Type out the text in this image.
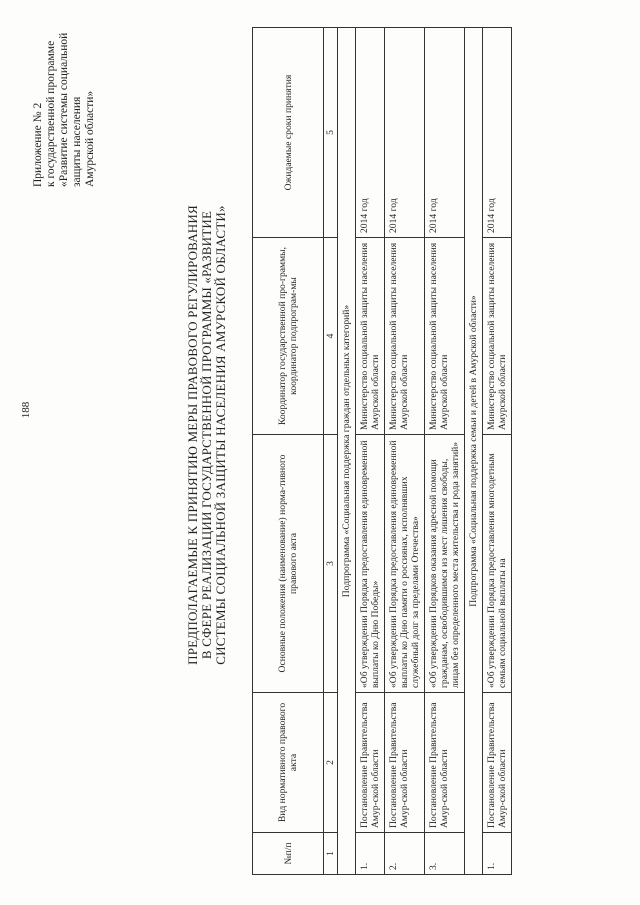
188
Приложение № 2 к государственной программе «Развитие системы социальной защиты населения Амурской области»
ПРЕДПОЛАГАЕМЫЕ К ПРИНЯТИЮ МЕРЫ ПРАВОВОГО РЕГУЛИРОВАНИЯ В СФЕРЕ РЕАЛИЗАЦИИ ГОСУДАРСТВЕННОЙ ПРОГРАММЫ «РАЗВИТИЕ СИСТЕМЫ СОЦИАЛЬНОЙ ЗАЩИТЫ НАСЕЛЕНИЯ АМУРСКОЙ ОБЛАСТИ»
№п/п	Вид нормативного правового акта	Основные положения (наименование) норма-тивного правового акта	Координатор государственной про-граммы, координатор подпрограм-мы	Ожидаемые сроки принятия
1	2	3	4	5
Подпрограмма «Социальная поддержка граждан отдельных категорий»				
1.	Постановление Правительства Амур-ской области	«Об утверждении Порядка предоставления единовременной выплаты ко Дню Победы»	Министерство социальной защиты населения Амурской области	2014 год
2.	Постановление Правительства Амур-ской области	«Об утверждении Порядка предоставления единовременной выплаты ко Дню памяти о россиянах, исполнявших служебный долг за пределами Отечества»	Министерство социальной защиты населения Амурской области	2014 год
3.	Постановление Правительства Амур-ской области	«Об утверждении Порядков оказания адресной помощи гражданам, освободившимся из мест лишения свободы, лицам без определенного места жительства и рода занятий»	Министерство социальной защиты населения Амурской области	2014 год
Подпрограмма «Социальная поддержка семьи и детей в Амурской области»				
1.	Постановление Правительства Амур-ской области	«Об утверждении Порядка предоставления многодетным семьям социальной выплаты на	Министерство социальной защиты населения Амурской области	2014 год
